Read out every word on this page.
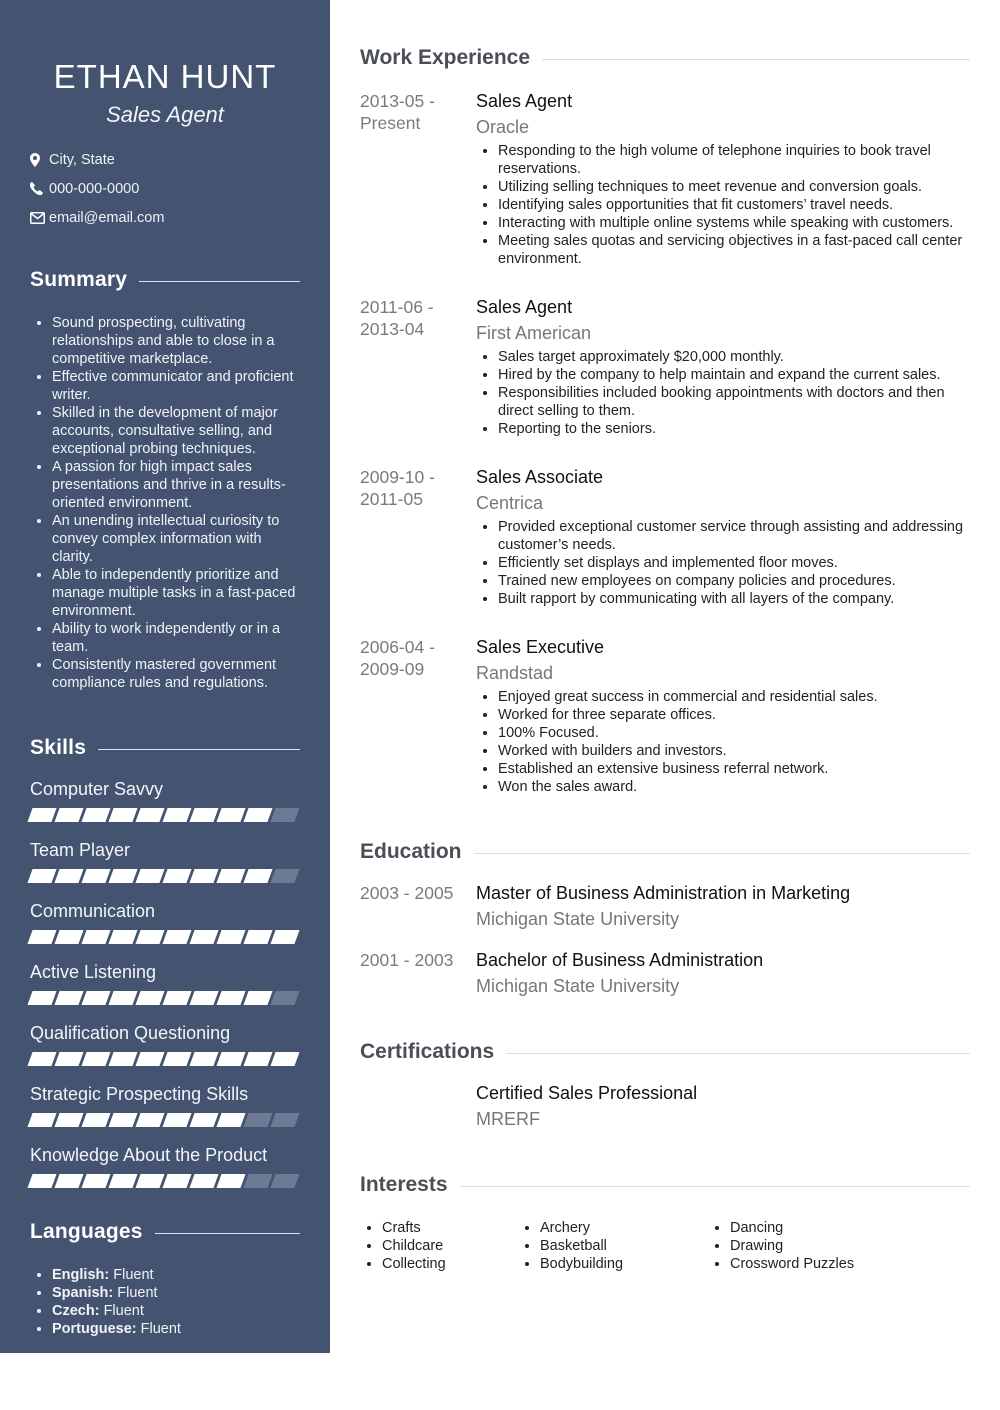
ETHAN HUNT
Sales Agent
City, State
000-000-0000
email@email.com
Summary
• Sound prospecting, cultivating relationships and able to close in a competitive marketplace.
• Effective communicator and proficient writer.
• Skilled in the development of major accounts, consultative selling, and exceptional probing techniques.
• A passion for high impact sales presentations and thrive in a results-oriented environment.
• An unending intellectual curiosity to convey complex information with clarity.
• Able to independently prioritize and manage multiple tasks in a fast-paced environment.
• Ability to work independently or in a team.
• Consistently mastered government compliance rules and regulations.
Skills
Computer Savvy
Team Player
Communication
Active Listening
Qualification Questioning
Strategic Prospecting Skills
Knowledge About the Product
Languages
• English: Fluent
• Spanish: Fluent
• Czech: Fluent
• Portuguese: Fluent
Work Experience
2013-05 -
Present
Sales Agent
Oracle
• Responding to the high volume of telephone inquiries to book travel reservations.
• Utilizing selling techniques to meet revenue and conversion goals.
• Identifying sales opportunities that fit customers’ travel needs.
• Interacting with multiple online systems while speaking with customers.
• Meeting sales quotas and servicing objectives in a fast-paced call center environment.
2011-06 -
2013-04
Sales Agent
First American
• Sales target approximately $20,000 monthly.
• Hired by the company to help maintain and expand the current sales.
• Responsibilities included booking appointments with doctors and then direct selling to them.
• Reporting to the seniors.
2009-10 -
2011-05
Sales Associate
Centrica
• Provided exceptional customer service through assisting and addressing customer’s needs.
• Efficiently set displays and implemented floor moves.
• Trained new employees on company policies and procedures.
• Built rapport by communicating with all layers of the company.
2006-04 -
2009-09
Sales Executive
Randstad
• Enjoyed great success in commercial and residential sales.
• Worked for three separate offices.
• 100% Focused.
• Worked with builders and investors.
• Established an extensive business referral network.
• Won the sales award.
Education
2003 - 2005	Master of Business Administration in Marketing
Michigan State University
2001 - 2003	Bachelor of Business Administration
Michigan State University
Certifications
Certified Sales Professional
MRERF
Interests
• Crafts
• Childcare
• Collecting
• Archery
• Basketball
• Bodybuilding
• Dancing
• Drawing
• Crossword Puzzles
